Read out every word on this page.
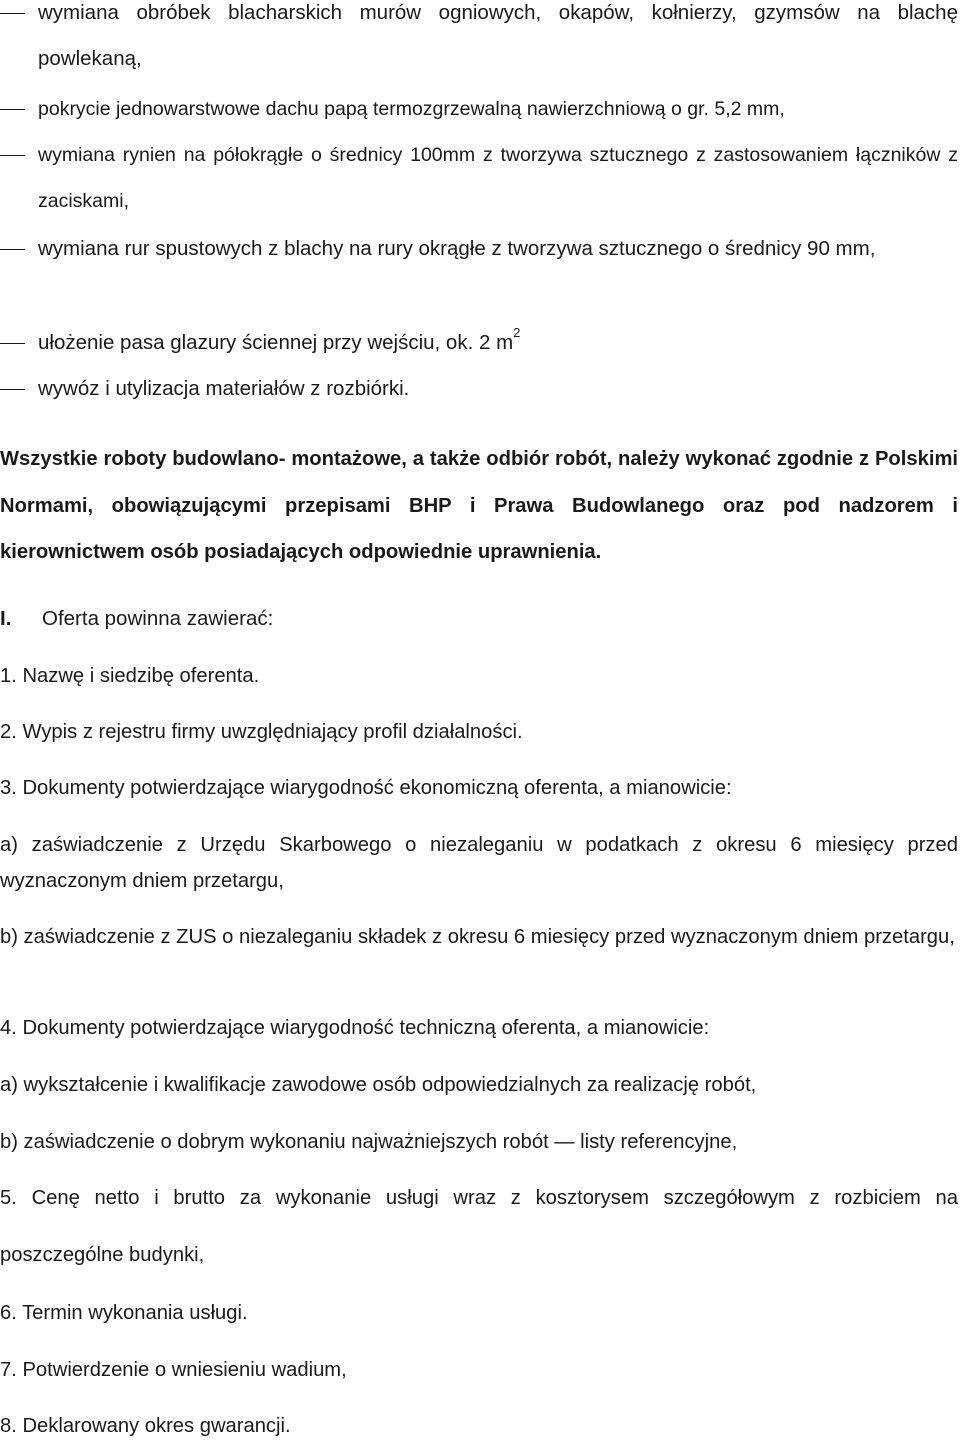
wymiana obróbek blacharskich murów ogniowych, okapów, kołnierzy, gzymsów na blachę powlekaną,
pokrycie jednowarstwowe dachu papą termozgrzewalną nawierzchniową o gr. 5,2 mm,
wymiana rynien na półokrągłe o średnicy 100mm z tworzywa sztucznego z zastosowaniem łączników z zaciskami,
wymiana rur spustowych z blachy na rury okrągłe z tworzywa sztucznego o średnicy 90 mm,
ułożenie pasa glazury ściennej przy wejściu, ok. 2 $m^2$
wywóz i utylizacja materiałów z rozbiórki.
Wszystkie roboty budowlano- montażowe, a także odbiór robót, należy wykonać zgodnie z Polskimi Normami, obowiązującymi przepisami BHP i Prawa Budowlanego oraz pod nadzorem i kierownictwem osób posiadających odpowiednie uprawnienia.
I. Oferta powinna zawierać:
1. Nazwę i siedzibę oferenta.
2. Wypis z rejestru firmy uwzględniający profil działalności.
3. Dokumenty potwierdzające wiarygodność ekonomiczną oferenta, a mianowicie:
a) zaświadczenie z Urzędu Skarbowego o niezaleganiu w podatkach z okresu 6 miesięcy przed wyznaczonym dniem przetargu,
b) zaświadczenie z ZUS o niezaleganiu składek z okresu 6 miesięcy przed wyznaczonym dniem przetargu,
4. Dokumenty potwierdzające wiarygodność techniczną oferenta, a mianowicie:
a) wykształcenie i kwalifikacje zawodowe osób odpowiedzialnych za realizację robót,
b) zaświadczenie o dobrym wykonaniu najważniejszych robót — listy referencyjne,
5. Cenę netto i brutto za wykonanie usługi wraz z kosztorysem szczegółowym z rozbiciem na poszczególne budynki,
6. Termin wykonania usługi.
7. Potwierdzenie o wniesieniu wadium,
8. Deklarowany okres gwarancji.
